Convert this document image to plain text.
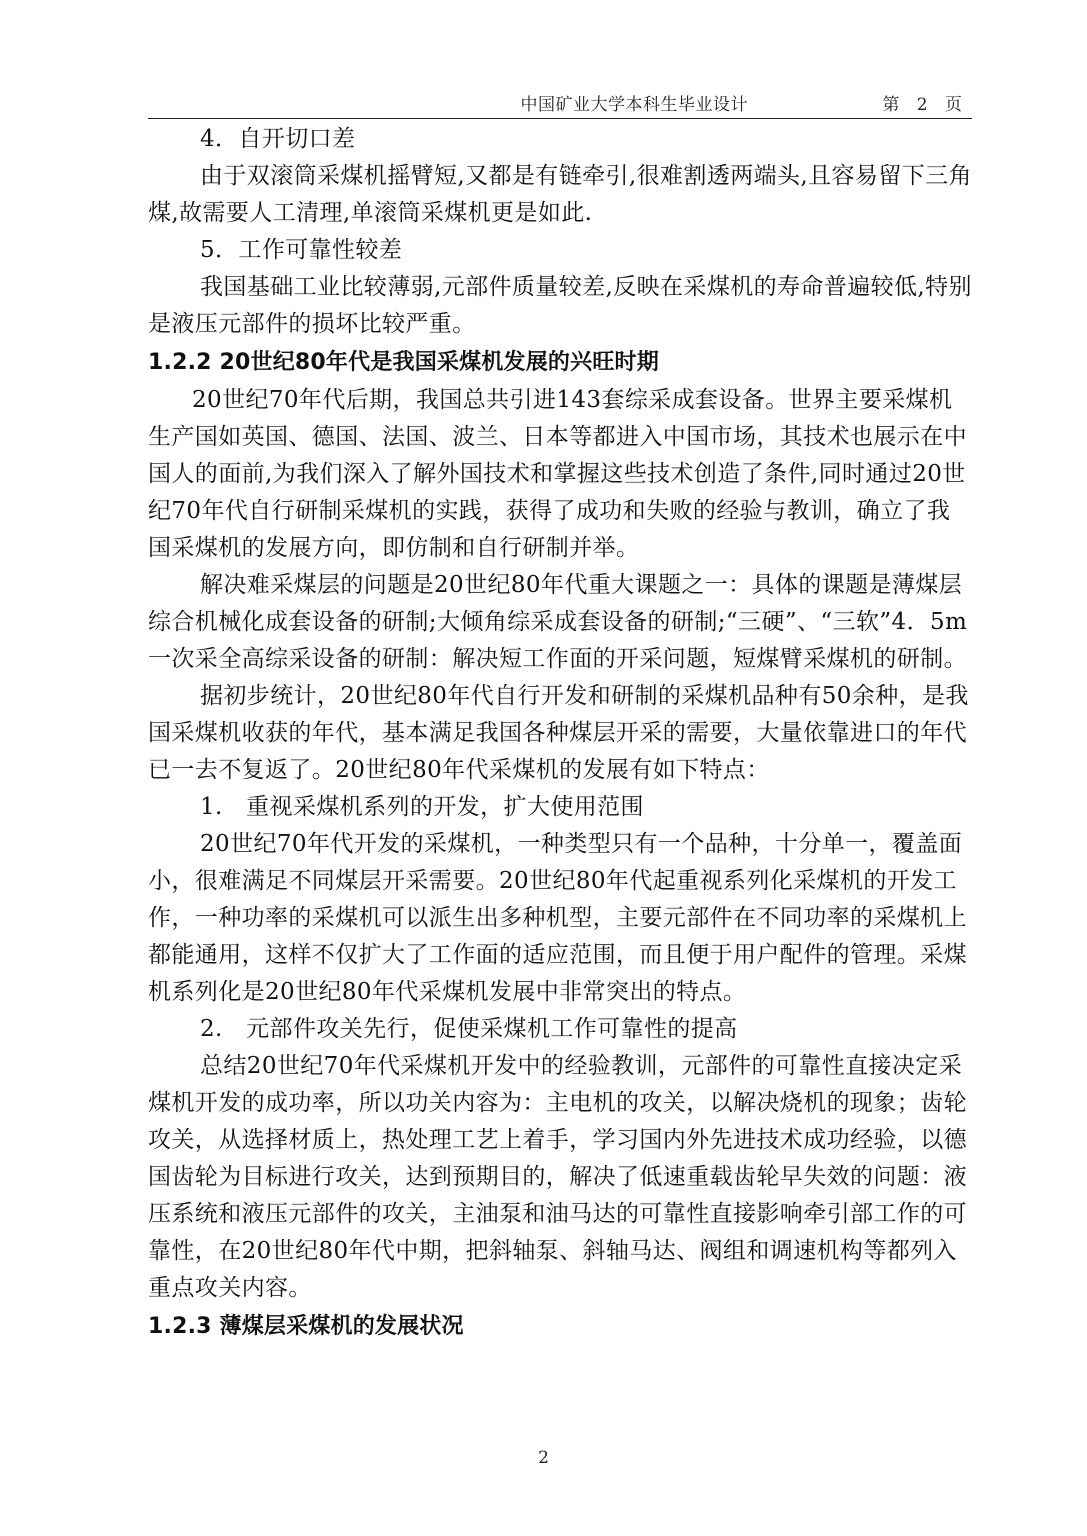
中国矿业大学本科生毕业设计	第 2 页

4．自开切口差

由于双滚筒采煤机摇臂短,又都是有链牵引,很难割透两端头,且容易留下三角煤,故需要人工清理,单滚筒采煤机更是如此.

5．工作可靠性较差

我国基础工业比较薄弱,元部件质量较差,反映在采煤机的寿命普遍较低,特别是液压元部件的损坏比较严重。

1.2.2 20世纪80年代是我国采煤机发展的兴旺时期

20世纪70年代后期，我国总共引进143套综采成套设备。世界主要采煤机生产国如英国、德国、法国、波兰、日本等都进入中国市场，其技术也展示在中国人的面前,为我们深入了解外国技术和掌握这些技术创造了条件,同时通过20世纪70年代自行研制采煤机的实践，获得了成功和失败的经验与教训，确立了我国采煤机的发展方向，即仿制和自行研制并举。

解决难采煤层的问题是20世纪80年代重大课题之一：具体的课题是薄煤层综合机械化成套设备的研制;大倾角综采成套设备的研制;“三硬”、“三软”4．5m一次采全高综采设备的研制：解决短工作面的开采问题，短煤臂采煤机的研制。

据初步统计，20世纪80年代自行开发和研制的采煤机品种有50余种，是我国采煤机收获的年代，基本满足我国各种煤层开采的需要，大量依靠进口的年代已一去不复返了。20世纪80年代采煤机的发展有如下特点：

1.　重视采煤机系列的开发，扩大使用范围

20世纪70年代开发的采煤机，一种类型只有一个品种，十分单一，覆盖面小，很难满足不同煤层开采需要。20世纪80年代起重视系列化采煤机的开发工作，一种功率的采煤机可以派生出多种机型，主要元部件在不同功率的采煤机上都能通用，这样不仅扩大了工作面的适应范围，而且便于用户配件的管理。采煤机系列化是20世纪80年代采煤机发展中非常突出的特点。

2.　元部件攻关先行，促使采煤机工作可靠性的提高

总结20世纪70年代采煤机开发中的经验教训，元部件的可靠性直接决定采煤机开发的成功率，所以功关内容为：主电机的攻关，以解决烧机的现象；齿轮攻关，从选择材质上，热处理工艺上着手，学习国内外先进技术成功经验，以德国齿轮为目标进行攻关，达到预期目的，解决了低速重载齿轮早失效的问题：液压系统和液压元部件的攻关，主油泵和油马达的可靠性直接影响牵引部工作的可靠性，在20世纪80年代中期，把斜轴泵、斜轴马达、阀组和调速机构等都列入重点攻关内容。

1.2.3 薄煤层采煤机的发展状况

2
